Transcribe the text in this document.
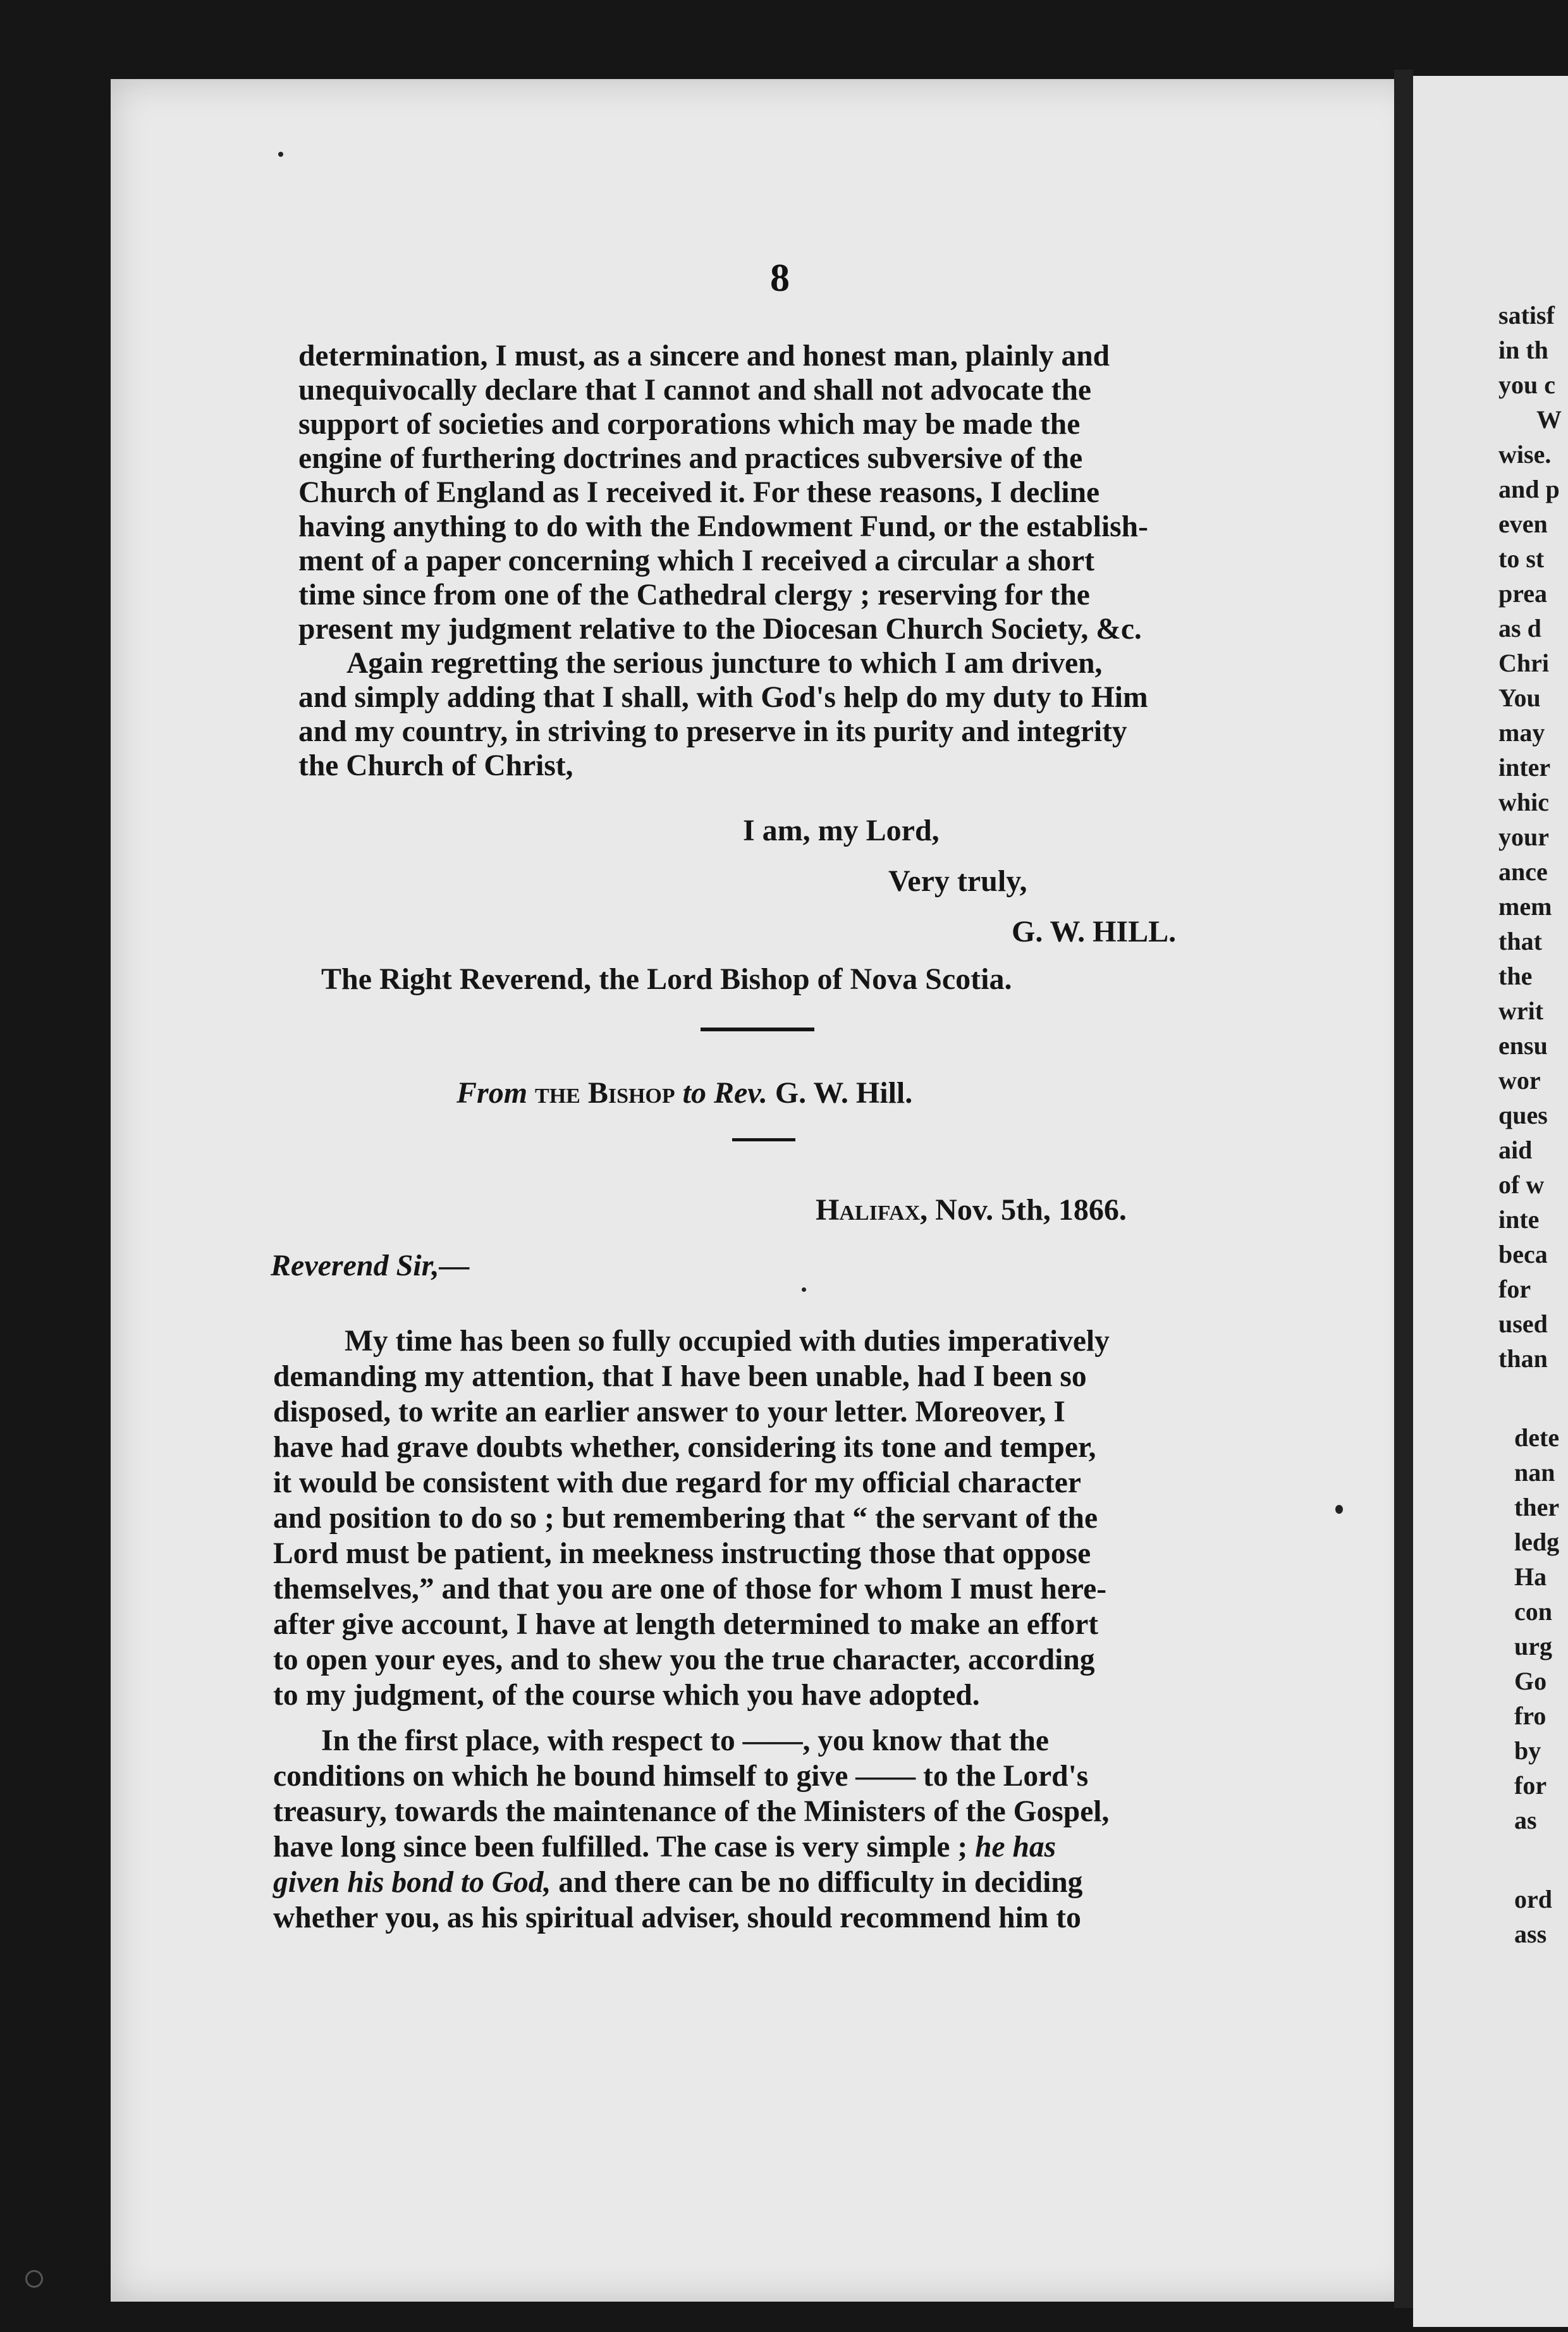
satisf
in th
you c
W
wise.
and p
even
to st
prea
as d
Chri
You
may
inter
whic
your
ance
mem
that
the
writ
ensu
wor
ques
aid
of w
inte
beca
for
used
than
dete
nan
ther
ledg
Ha
con
urg
Go
fro
by
for
as
ord
ass
8
determination, I must, as a sincere and honest man, plainly and
unequivocally declare that I cannot and shall not advocate the
support of societies and corporations which may be made the
engine of furthering doctrines and practices subversive of the
Church of England as I received it. For these reasons, I decline
having anything to do with the Endowment Fund, or the establish-
ment of a paper concerning which I received a circular a short
time since from one of the Cathedral clergy ; reserving for the
present my judgment relative to the Diocesan Church Society, &c.
Again regretting the serious juncture to which I am driven,
and simply adding that I shall, with God's help do my duty to Him
and my country, in striving to preserve in its purity and integrity
the Church of Christ,
I am, my Lord,
Very truly,
G. W. HILL.
The Right Reverend, the Lord Bishop of Nova Scotia.
From the Bishop to Rev. G. W. Hill.
Halifax, Nov. 5th, 1866.
Reverend Sir,—
My time has been so fully occupied with duties imperatively
demanding my attention, that I have been unable, had I been so
disposed, to write an earlier answer to your letter. Moreover, I
have had grave doubts whether, considering its tone and temper,
it would be consistent with due regard for my official character
and position to do so ; but remembering that “ the servant of the
Lord must be patient, in meekness instructing those that oppose
themselves,” and that you are one of those for whom I must here-
after give account, I have at length determined to make an effort
to open your eyes, and to shew you the true character, according
to my judgment, of the course which you have adopted.
In the first place, with respect to ——, you know that the
conditions on which he bound himself to give —— to the Lord's
treasury, towards the maintenance of the Ministers of the Gospel,
have long since been fulfilled. The case is very simple ; he has
given his bond to God, and there can be no difficulty in deciding
whether you, as his spiritual adviser, should recommend him to
